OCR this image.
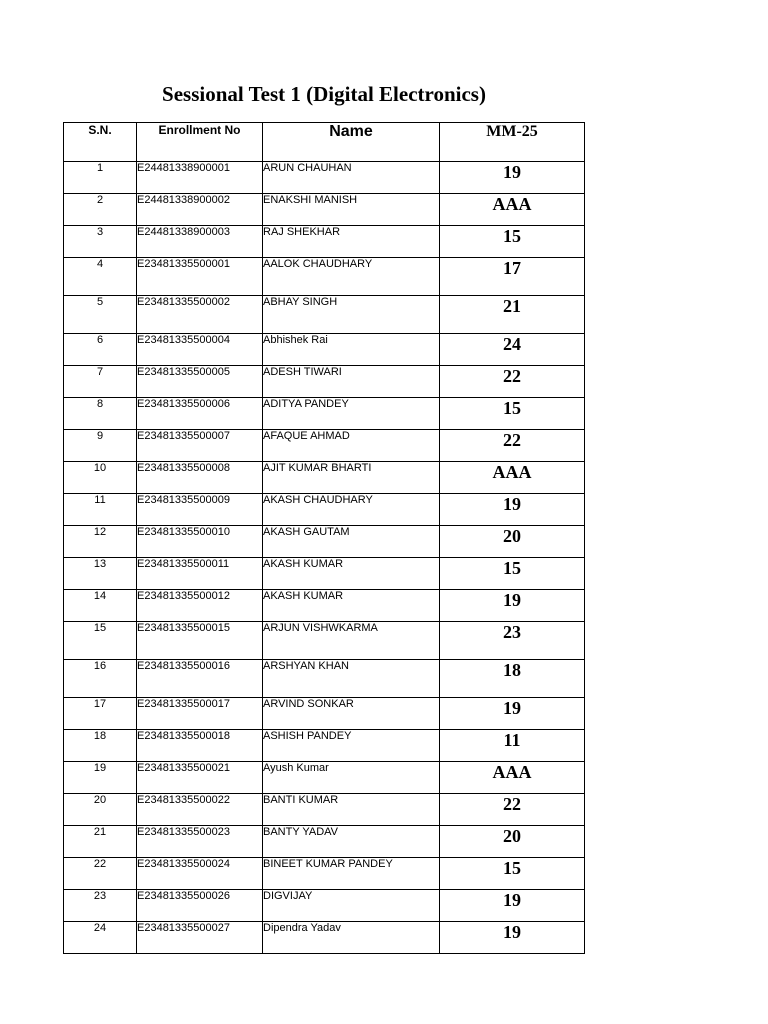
Sessional Test 1 (Digital Electronics)
S.N.	Enrollment No	Name	MM-25
1	E24481338900001	ARUN CHAUHAN	19
2	E24481338900002	ENAKSHI MANISH	AAA
3	E24481338900003	RAJ SHEKHAR	15
4	E23481335500001	AALOK CHAUDHARY	17
5	E23481335500002	ABHAY SINGH	21
6	E23481335500004	Abhishek Rai	24
7	E23481335500005	ADESH TIWARI	22
8	E23481335500006	ADITYA PANDEY	15
9	E23481335500007	AFAQUE AHMAD	22
10	E23481335500008	AJIT KUMAR BHARTI	AAA
11	E23481335500009	AKASH CHAUDHARY	19
12	E23481335500010	AKASH GAUTAM	20
13	E23481335500011	AKASH KUMAR	15
14	E23481335500012	AKASH KUMAR	19
15	E23481335500015	ARJUN VISHWKARMA	23
16	E23481335500016	ARSHYAN KHAN	18
17	E23481335500017	ARVIND SONKAR	19
18	E23481335500018	ASHISH PANDEY	11
19	E23481335500021	Ayush Kumar	AAA
20	E23481335500022	BANTI KUMAR	22
21	E23481335500023	BANTY YADAV	20
22	E23481335500024	BINEET KUMAR PANDEY	15
23	E23481335500026	DIGVIJAY	19
24	E23481335500027	Dipendra Yadav	19
